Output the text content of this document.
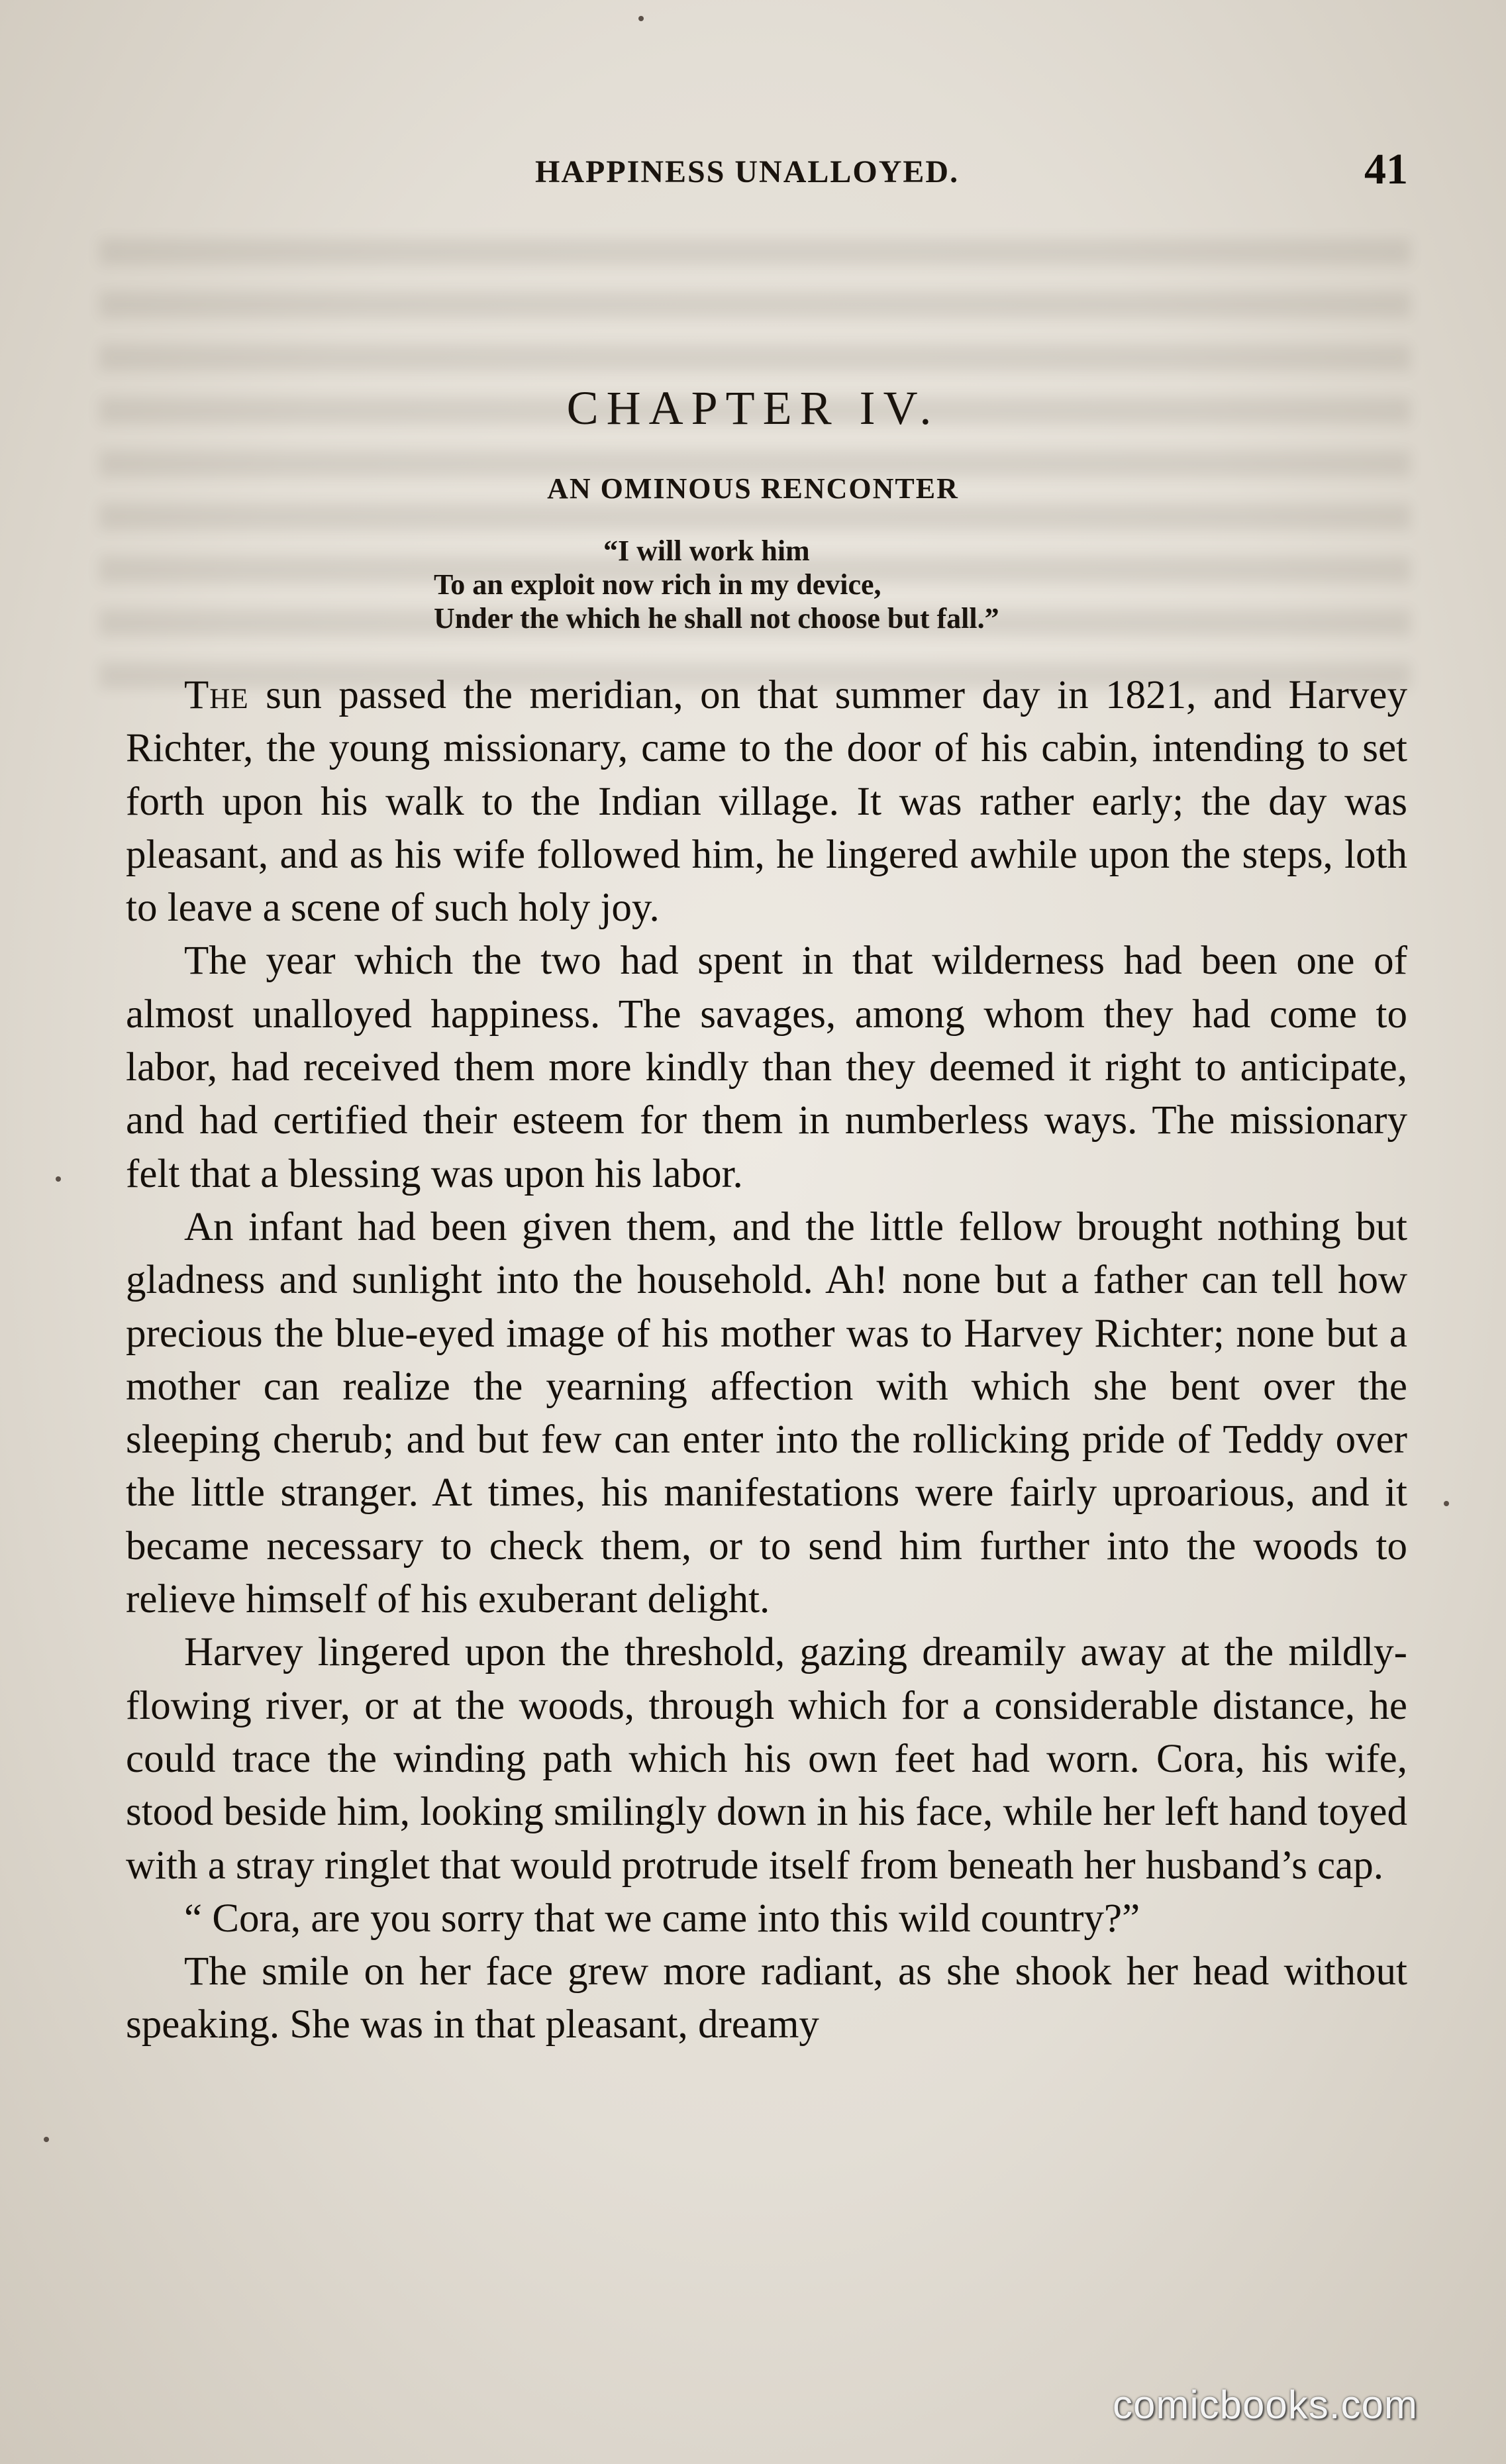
HAPPINESS UNALLOYED.	41
CHAPTER IV.
AN OMINOUS RENCONTER
“I will work him
To an exploit now rich in my device,
Under the which he shall not choose but fall.”

The sun passed the meridian, on that summer day in 1821, and Harvey Richter, the young missionary, came to the door of his cabin, intending to set forth upon his walk to the Indian village. It was rather early; the day was pleasant, and as his wife followed him, he lingered awhile upon the steps, loth to leave a scene of such holy joy.

The year which the two had spent in that wilderness had been one of almost unalloyed happiness. The savages, among whom they had come to labor, had received them more kindly than they deemed it right to anticipate, and had certified their esteem for them in numberless ways. The missionary felt that a blessing was upon his labor.

An infant had been given them, and the little fellow brought nothing but gladness and sunlight into the household. Ah! none but a father can tell how precious the blue-eyed image of his mother was to Harvey Richter; none but a mother can realize the yearning affection with which she bent over the sleeping cherub; and but few can enter into the rollicking pride of Teddy over the little stranger. At times, his manifestations were fairly uproarious, and it became necessary to check them, or to send him further into the woods to relieve himself of his exuberant delight.

Harvey lingered upon the threshold, gazing dreamily away at the mildly-flowing river, or at the woods, through which for a considerable distance, he could trace the winding path which his own feet had worn. Cora, his wife, stood beside him, looking smilingly down in his face, while her left hand toyed with a stray ringlet that would protrude itself from beneath her husband’s cap.

“ Cora, are you sorry that we came into this wild country?”

The smile on her face grew more radiant, as she shook her head without speaking. She was in that pleasant, dreamy

comicbooks.com
